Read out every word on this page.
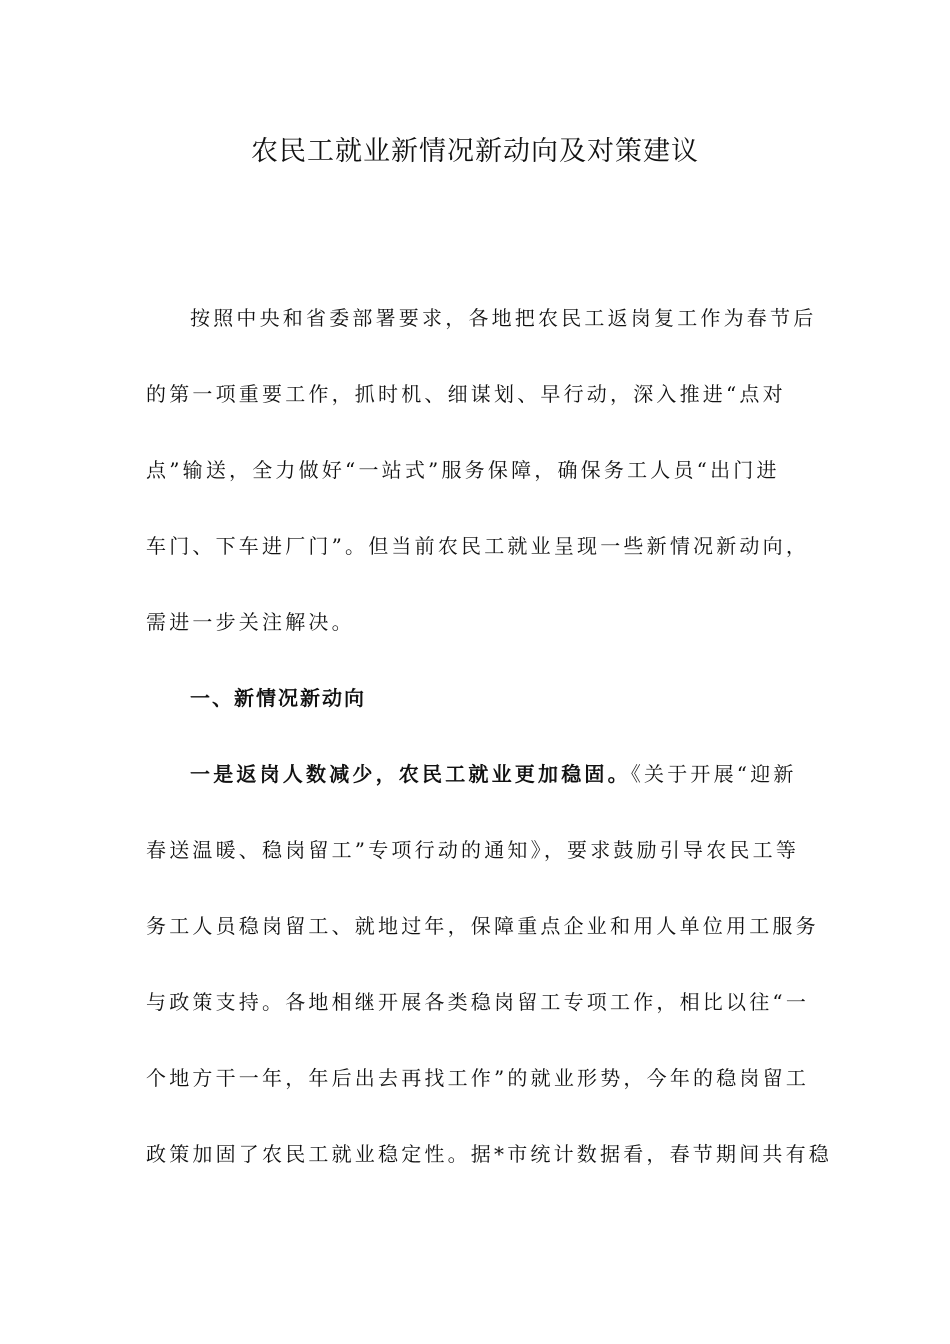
农民工就业新情况新动向及对策建议
按照中央和省委部署要求，各地把农民工返岗复工作为春节后
的第一项重要工作，抓时机、细谋划、早行动，深入推进“点对
点”输送，全力做好“一站式”服务保障，确保务工人员“出门进
车门、下车进厂门”。但当前农民工就业呈现一些新情况新动向，
需进一步关注解决。
一、新情况新动向
一是返岗人数减少，农民工就业更加稳固。《关于开展“迎新
春送温暖、稳岗留工”专项行动的通知》，要求鼓励引导农民工等
务工人员稳岗留工、就地过年，保障重点企业和用人单位用工服务
与政策支持。各地相继开展各类稳岗留工专项工作，相比以往“一
个地方干一年，年后出去再找工作”的就业形势，今年的稳岗留工
政策加固了农民工就业稳定性。据*市统计数据看，春节期间共有稳
